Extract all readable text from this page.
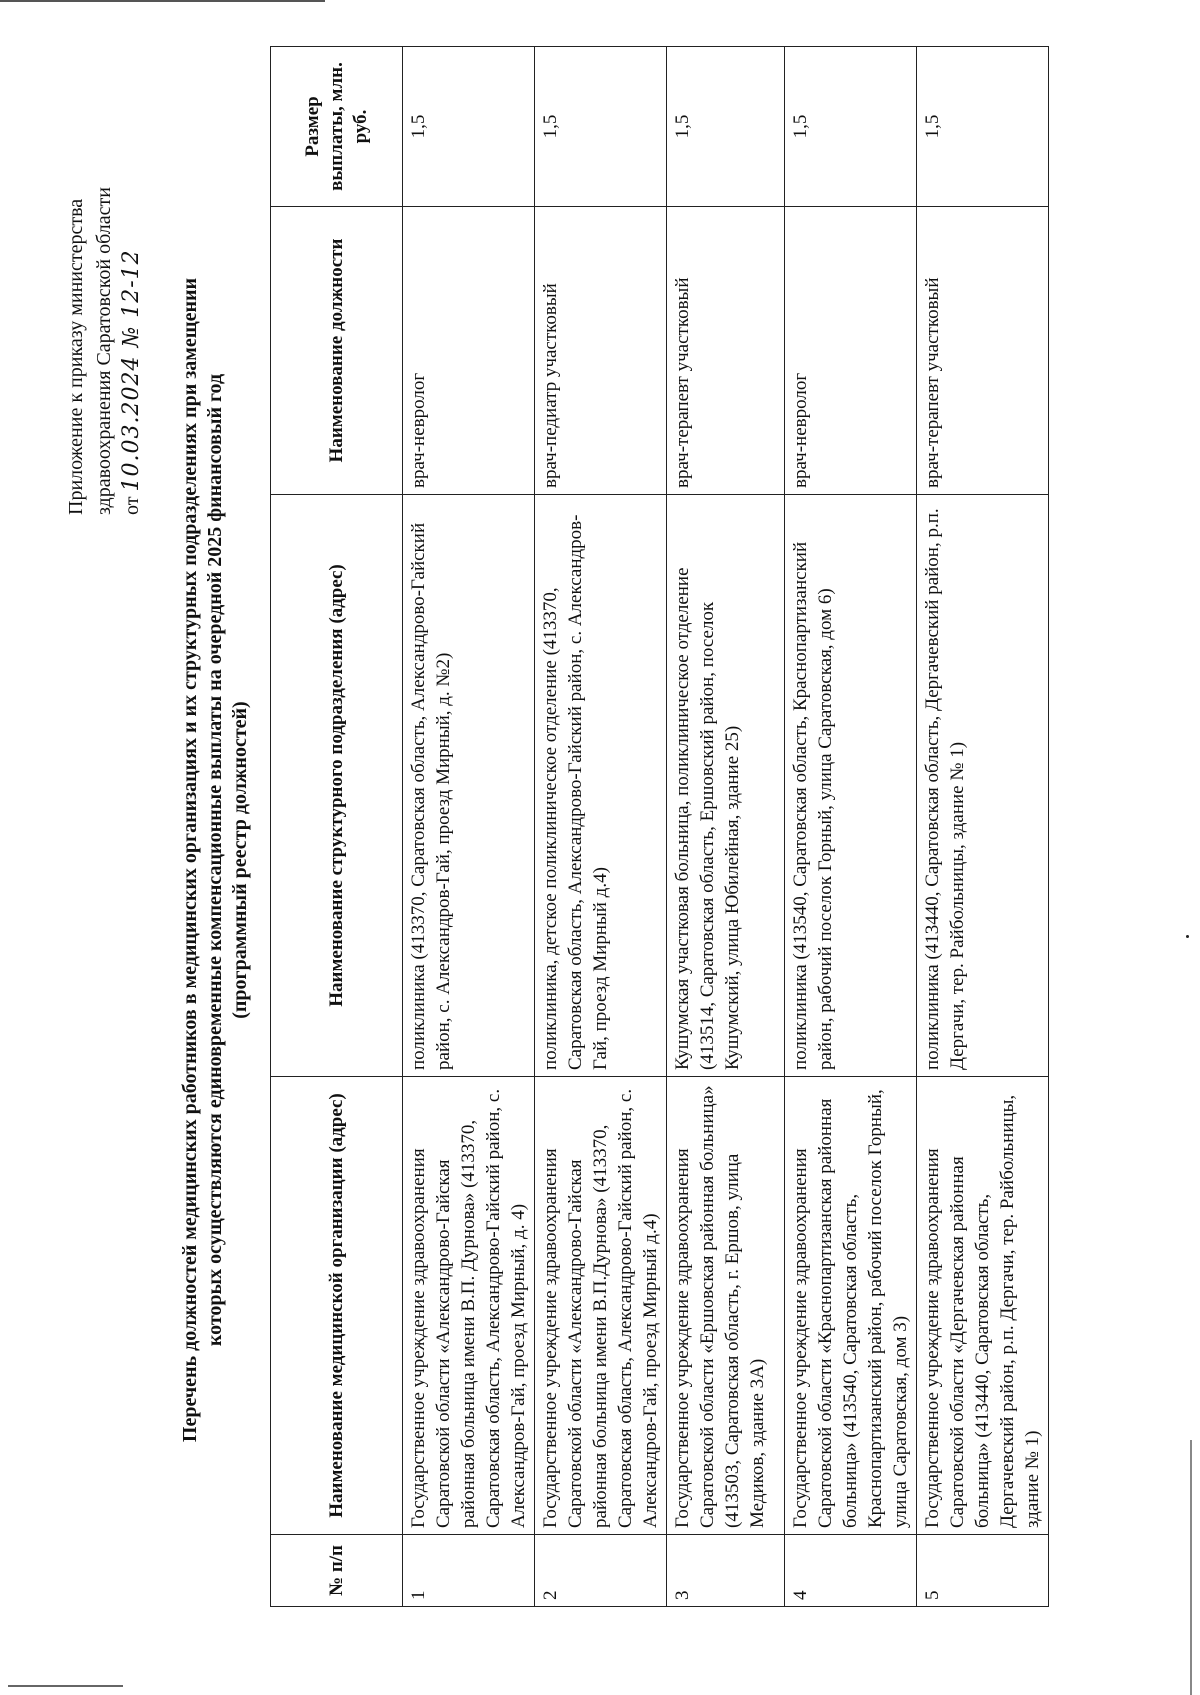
Приложение к приказу министерства здравоохранения Саратовской области от 10.03.2024 № 12-12 Перечень должностей медицинских работников в медицинских организациях и их структурных подразделениях при замещении которых осуществляются единовременные компенсационные выплаты на очередной 2025 финансовый год (программный реестр должностей)
№ п/п	Наименование медицинской организации (адрес)	Наименование структурного подразделения (адрес)	Наименование должности	Размер выплаты, млн. руб.
1	Государственное учреждение здравоохранения Саратовской области «Александрово-Гайская районная больница имени В.П. Дурнова» (413370, Саратовская область, Александрово-Гайский район, с. Александров-Гай, проезд Мирный, д. 4)	поликлиника (413370, Саратовская область, Александрово-Гайский район, с. Александров-Гай, проезд Мирный, д. №2)	врач-невролог	1,5
2	Государственное учреждение здравоохранения Саратовской области «Александрово-Гайская районная больница имени В.П.Дурнова» (413370, Саратовская область, Александрово-Гайский район, с. Александров-Гай, проезд Мирный д.4)	поликлиника, детское поликлиническое отделение (413370, Саратовская область, Александрово-Гайский район, с. Александров-Гай, проезд Мирный д.4)	врач-педиатр участковый	1,5
3	Государственное учреждение здравоохранения Саратовской области «Ершовская районная больница» (413503, Саратовская область, г. Ершов, улица Медиков, здание 3А)	Кушумская участковая больница, поликлиническое отделение (413514, Саратовская область, Ершовский район, поселок Кушумский, улица Юбилейная, здание 25)	врач-терапевт участковый	1,5
4	Государственное учреждение здравоохранения Саратовской области «Краснопартизанская районная больница» (413540, Саратовская область, Краснопартизанский район, рабочий поселок Горный, улица Саратовская, дом 3)	поликлиника (413540, Саратовская область, Краснопартизанский район, рабочий поселок Горный, улица Саратовская, дом 6)	врач-невролог	1,5
5	Государственное учреждение здравоохранения Саратовской области «Дергачевская районная больница» (413440, Саратовская область, Дергачевский район, р.п. Дергачи, тер. Райбольницы, здание № 1)	поликлиника (413440, Саратовская область, Дергачевский район, р.п. Дергачи, тер. Райбольницы, здание № 1)	врач-терапевт участковый	1,5
